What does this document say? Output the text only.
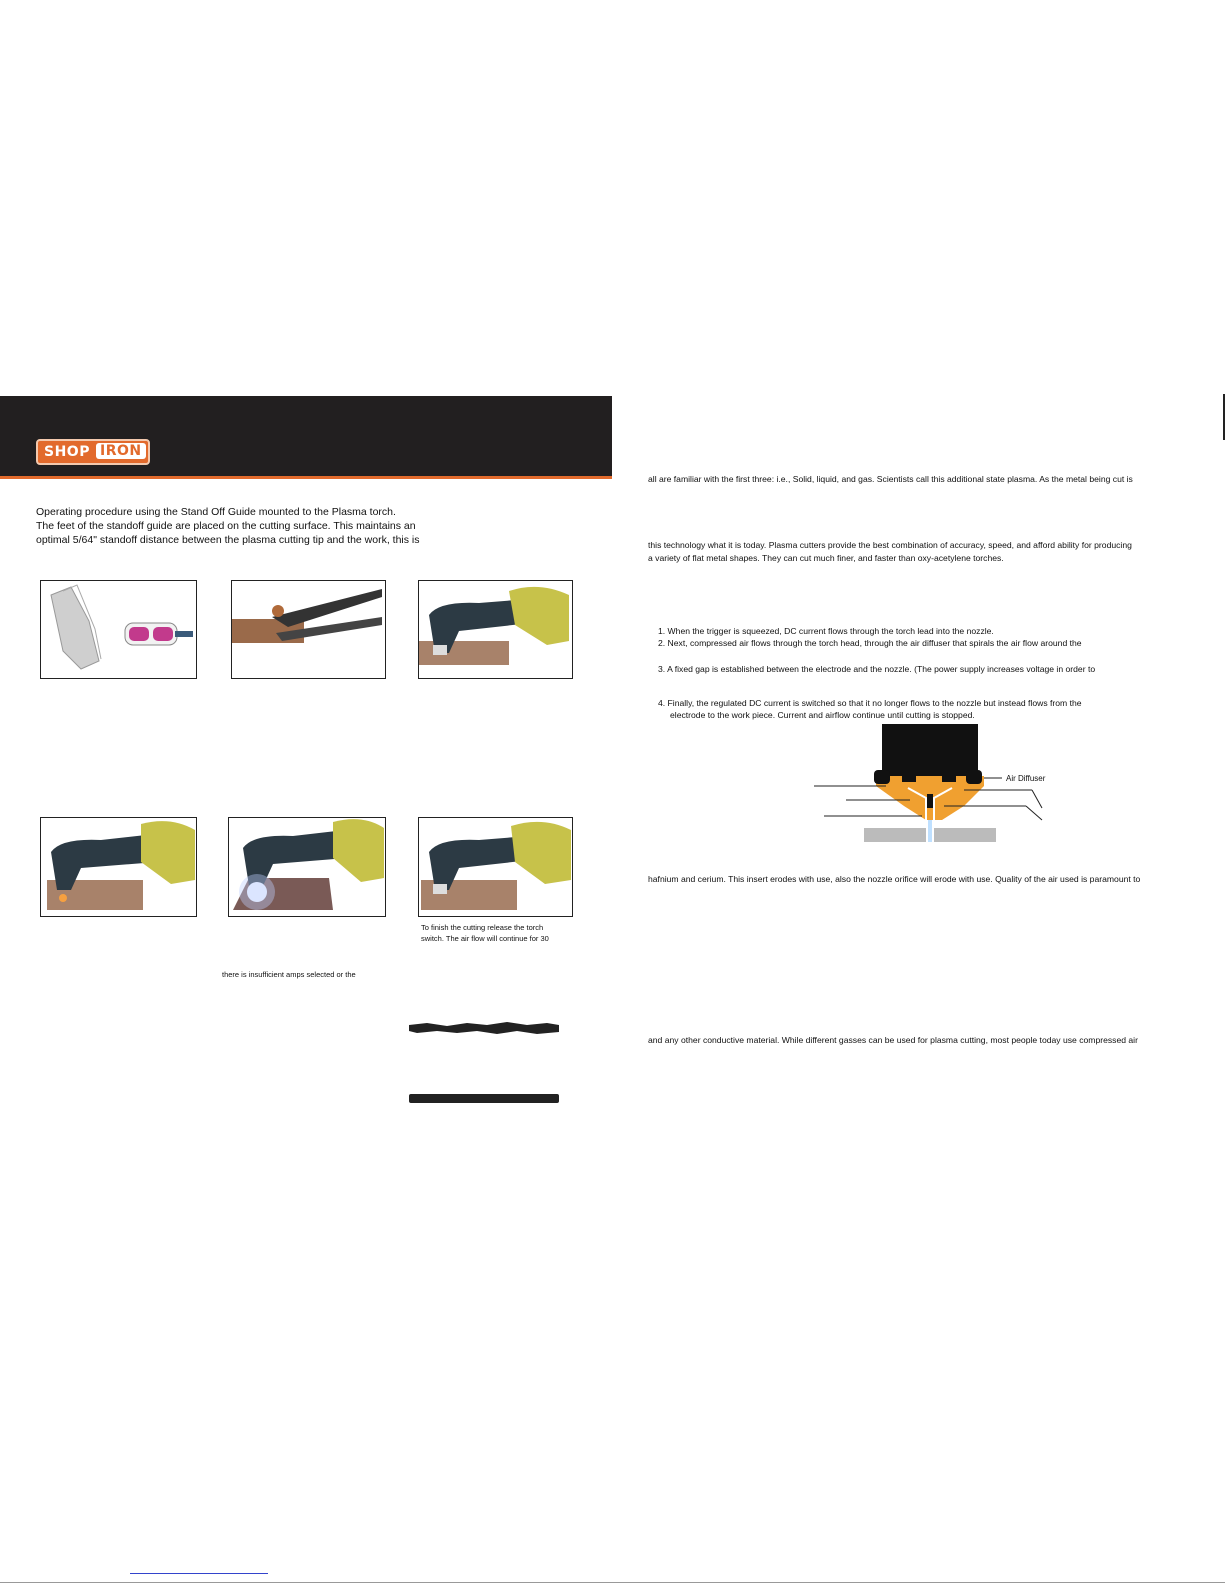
SHOP IRON
Operating procedure using the Stand Off Guide mounted to the Plasma torch.
The feet of the standoff guide are placed on the cutting surface. This maintains an
optimal 5/64" standoff distance between the plasma cutting tip and the work, this is
To finish the cutting release the torch
switch. The air flow will continue for 30
there is insufficient amps selected or the
all are familiar with the first three: i.e., Solid, liquid, and gas. Scientists call this additional state plasma. As the metal being cut is
this technology what it is today. Plasma cutters provide the best combination of accuracy, speed, and afford ability for producing
a variety of flat metal shapes. They can cut much finer, and faster than oxy-acetylene torches.
1. When the trigger is squeezed, DC current flows through the torch lead into the nozzle.
2. Next, compressed air flows through the torch head, through the air diffuser that spirals the air flow around the
3. A fixed gap is established between the electrode and the nozzle. (The power supply increases voltage in order to
4. Finally, the regulated DC current is switched so that it no longer flows to the nozzle but instead flows from the
electrode to the work piece. Current and airflow continue until cutting is stopped.
Air Diffuser
hafnium and cerium. This insert erodes with use, also the nozzle orifice will erode with use. Quality of the air used is paramount to
and any other conductive material. While different gasses can be used for plasma cutting, most people today use compressed air
